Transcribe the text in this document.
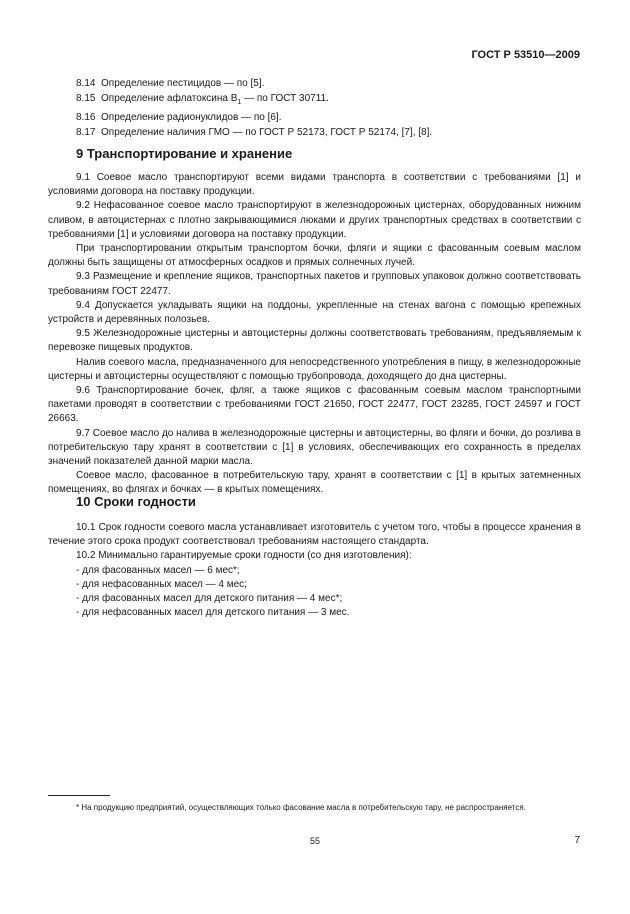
ГОСТ Р 53510—2009
8.14 Определение пестицидов — по [5].
8.15 Определение афлатоксина $B_1$ — по ГОСТ 30711.
8.16 Определение радионуклидов — по [6].
8.17 Определение наличия ГМО — по ГОСТ Р 52173, ГОСТ Р 52174, [7], [8].
9 Транспортирование и хранение

9.1 Соевое масло транспортируют всеми видами транспорта в соответствии с требованиями [1] и условиями договора на поставку продукции.

9.2 Нефасованное соевое масло транспортируют в железнодорожных цистернах, оборудованных нижним сливом, в автоцистернах с плотно закрывающимися люками и других транспортных средствах в соответствии с требованиями [1] и условиями договора на поставку продукции.

При транспортировании открытым транспортом бочки, фляги и ящики с фасованным соевым маслом должны быть защищены от атмосферных осадков и прямых солнечных лучей.

9.3 Размещение и крепление ящиков, транспортных пакетов и групповых упаковок должно соответствовать требованиям ГОСТ 22477.

9.4 Допускается укладывать ящики на поддоны, укрепленные на стенах вагона с помощью крепежных устройств и деревянных полозьев.

9.5 Железнодорожные цистерны и автоцистерны должны соответствовать требованиям, предъявляемым к перевозке пищевых продуктов.

Налив соевого масла, предназначенного для непосредственного употребления в пищу, в железнодорожные цистерны и автоцистерны осуществляют с помощью трубопровода, доходящего до дна цистерны.

9.6 Транспортирование бочек, фляг, а также ящиков с фасованным соевым маслом транспортными пакетами проводят в соответствии с требованиями ГОСТ 21650, ГОСТ 22477, ГОСТ 23285, ГОСТ 24597 и ГОСТ 26663.

9.7 Соевое масло до налива в железнодорожные цистерны и автоцистерны, во фляги и бочки, до розлива в потребительскую тару хранят в соответствии с [1] в условиях, обеспечивающих его сохранность в пределах значений показателей данной марки масла.

Соевое масло, фасованное в потребительскую тару, хранят в соответствии с [1] в крытых затемненных помещениях, во флягах и бочках — в крытых помещениях.

10 Сроки годности

10.1 Срок годности соевого масла устанавливает изготовитель с учетом того, чтобы в процессе хранения в течение этого срока продукт соответствовал требованиям настоящего стандарта.

10.2 Минимально гарантируемые сроки годности (со дня изготовления):

- для фасованных масел — 6 мес*;

- для нефасованных масел — 4 мес;

- для фасованных масел для детского питания — 4 мес*;

- для нефасованных масел для детского питания — 3 мес.

* На продукцию предприятий, осуществляющих только фасование масла в потребительскую тару, не распространяется.
55	7
